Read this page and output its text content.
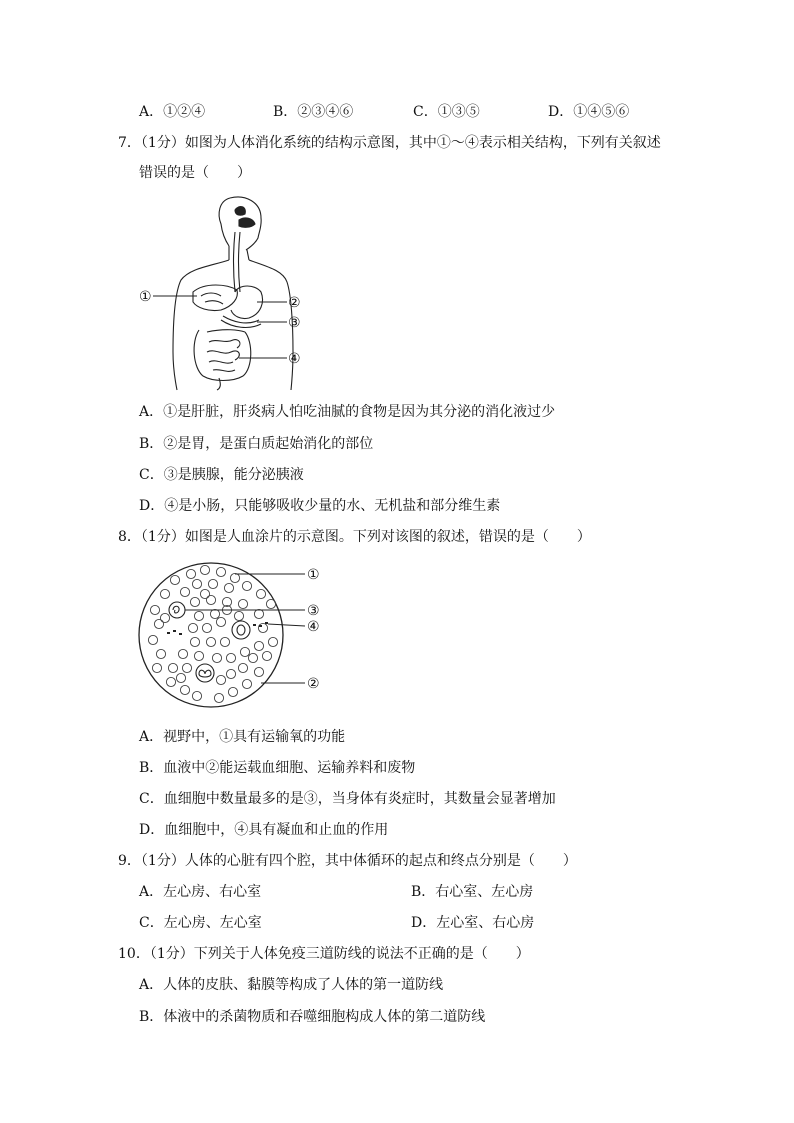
A．①②④	B．②③④⑥	C．①③⑤	D．①④⑤⑥
7．（1分）如图为人体消化系统的结构示意图，其中①～④表示相关结构，下列有关叙述
错误的是（　　）
①	②
③
④
A．①是肝脏，肝炎病人怕吃油腻的食物是因为其分泌的消化液过少
B．②是胃，是蛋白质起始消化的部位
C．③是胰腺，能分泌胰液
D．④是小肠，只能够吸收少量的水、无机盐和部分维生素
8．（1分）如图是人血涂片的示意图。下列对该图的叙述，错误的是（　　）
①
③
④
②
A．视野中，①具有运输氧的功能
B．血液中②能运载血细胞、运输养料和废物
C．血细胞中数量最多的是③，当身体有炎症时，其数量会显著增加
D．血细胞中，④具有凝血和止血的作用
9．（1分）人体的心脏有四个腔，其中体循环的起点和终点分别是（　　）
A．左心房、右心室	B．右心室、左心房
C．左心房、左心室	D．左心室、右心房
10．（1分）下列关于人体免疫三道防线的说法不正确的是（　　）
A．人体的皮肤、黏膜等构成了人体的第一道防线
B．体液中的杀菌物质和吞噬细胞构成人体的第二道防线
